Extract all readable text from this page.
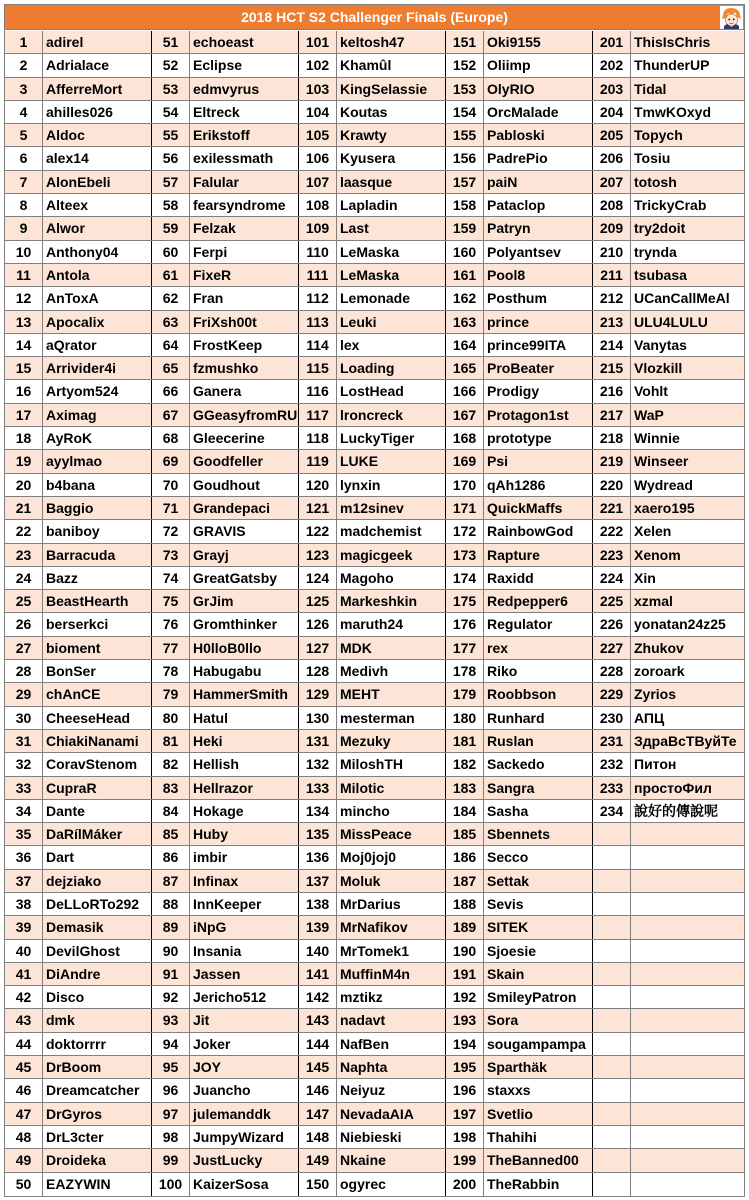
2018 HCT S2 Challenger Finals (Europe)
1	adirel	51	echoeast	101 keltosh47	151 Oki9155	201 ThisIsChris
2	Adrialace	52	Eclipse	102 Khamûl	152 Oliimp	202 ThunderUP
3	AfferreMort	53	edmvyrus	103 KingSelassie	153 OlyRIO	203 Tidal
4	ahilles026	54	Eltreck	104 Koutas	154 OrcMalade	204 TmwKOxyd
5	Aldoc	55	Erikstoff	105 Krawty	155 Pabloski	205 Topych
6	alex14	56	exilessmath	106 Kyusera	156 PadrePio	206 Tosiu
7	AlonEbeli	57	Falular	107 laasque	157 paiN	207 totosh
8	Alteex	58	fearsyndrome	108 Lapladin	158 Pataclop	208 TrickyCrab
9	Alwor	59	Felzak	109 Last	159 Patryn	209 try2doit
10	Anthony04	60	Ferpi	110 LeMaska	160 Polyantsev	210 trynda
11	Antola	61	FixeR	111 LeMaska	161 Pool8	211 tsubasa
12	AnToxA	62	Fran	112 Lemonade	162 Posthum	212 UCanCallMeAl
13	Apocalix	63	FriXsh00t	113 Leuki	163 prince	213 ULU4LULU
14	aQrator	64	FrostKeep	114 lex	164 prince99ITA	214 Vanytas
15	Arrivider4i	65	fzmushko	115 Loading	165 ProBeater	215 Vlozkill
16	Artyom524	66	Ganera	116 LostHead	166 Prodigy	216 Vohlt
17	Aximag	67	GGeasyfromRU 117 lroncreck	167 Protagon1st	217 WaP
18	AyRoK	68	Gleecerine	118 LuckyTiger	168 prototype	218 Winnie
19	ayylmao	69	Goodfeller	119 LUKE	169 Psi	219 Winseer
20	b4bana	70	Goudhout	120 lynxin	170 qAh1286	220 Wydread
21	Baggio	71	Grandepaci	121 m12sinev	171 QuickMaffs	221 xaero195
22	baniboy	72	GRAVIS	122 madchemist	172 RainbowGod	222 Xelen
23	Barracuda	73	Grayj	123 magicgeek	173 Rapture	223 Xenom
24	Bazz	74	GreatGatsby	124 Magoho	174 Raxidd	224 Xin
25	BeastHearth	75	GrJim	125 Markeshkin	175 Redpepper6	225 xzmal
26	berserkci	76	Gromthinker	126 maruth24	176 Regulator	226 yonatan24z25
27	bioment	77	H0lloB0llo	127 MDK	177 rex	227 Zhukov
28	BonSer	78	Habugabu	128 Medivh	178 Riko	228 zoroark
29	chAnCE	79	HammerSmith	129 MEHT	179 Roobbson	229 Zyrios
30	CheeseHead	80	Hatul	130 mesterman	180 Runhard	230 АПЦ
31	ChiakiNanami	81	Heki	131 Mezuky	181 Ruslan	231 ЗдраВсТВуйТе
32	CoravStenom	82	Hellish	132 MiloshTH	182 Sackedo	232 Питон
33	CupraR	83	Hellrazor	133 Milotic	183 Sangra	233 простоФил
34	Dante	84	Hokage	134 mincho	184 Sasha	234 說好的傳說呢
35	DaRílMáker	85	Huby	135 MissPeace	185 Sbennets
36	Dart	86	imbir	136 Moj0joj0	186 Secco
37	dejziako	87	Infinax	137 Moluk	187 Settak
38	DeLLoRTo292	88	InnKeeper	138 MrDarius	188 Sevis
39	Demasik	89	iNpG	139 MrNafikov	189 SITEK
40	DevilGhost	90	Insania	140 MrTomek1	190 Sjoesie
41	DiAndre	91	Jassen	141 MuffinM4n	191 Skain
42	Disco	92	Jericho512	142 mztikz	192 SmileyPatron
43	dmk	93	Jit	143 nadavt	193 Sora
44	doktorrrr	94	Joker	144 NafBen	194 sougampampa
45	DrBoom	95	JOY	145 Naphta	195 Sparthäk
46	Dreamcatcher	96	Juancho	146 Neiyuz	196 staxxs
47	DrGyros	97	julemanddk	147 NevadaAIA	197 Svetlio
48	DrL3cter	98	JumpyWizard	148 Niebieski	198 Thahihi
49	Droideka	99	JustLucky	149 Nkaine	199 TheBanned00
50	EAZYWIN	100 KaizerSosa	150 ogyrec	200 TheRabbin
